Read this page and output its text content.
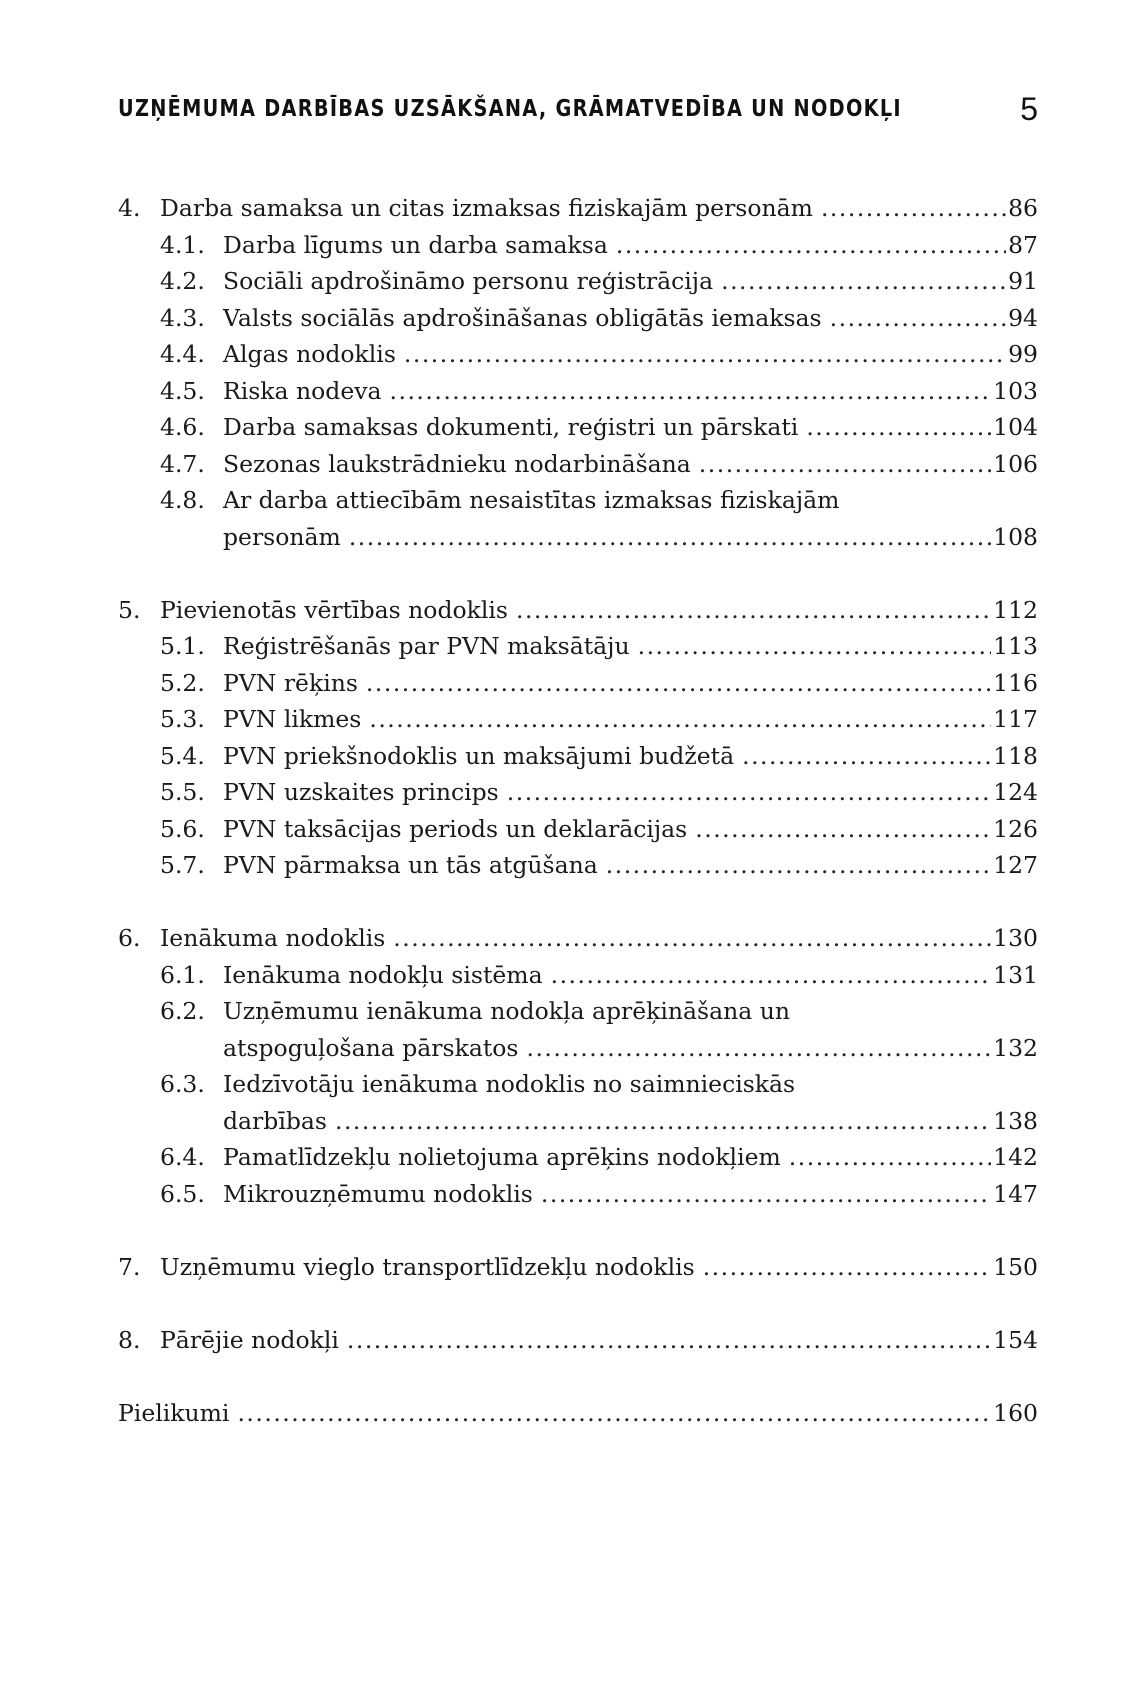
UZŅĒMUMA DARBĪBAS UZSĀKŠANA, GRĀMATVEDĪBA UN NODOKĻI	5
4. Darba samaksa un citas izmaksas fiziskajām personām .....	86
4.1. Darba līgums un darba samaksa .....	87
4.2. Sociāli apdrošināmo personu reģistrācija .....	91
4.3. Valsts sociālās apdrošināšanas obligātās iemaksas .....	94
4.4. Algas nodoklis .....	99
4.5. Riska nodeva .....	103
4.6. Darba samaksas dokumenti, reģistri un pārskati .....	104
4.7. Sezonas laukstrādnieku nodarbināšana .....	106
4.8. Ar darba attiecībām nesaistītas izmaksas fiziskajām
personām .....	108
5. Pievienotās vērtības nodoklis .....	112
5.1. Reģistrēšanās par PVN maksātāju .....	113
5.2. PVN rēķins .....	116
5.3. PVN likmes .....	117
5.4. PVN priekšnodoklis un maksājumi budžetā .....	118
5.5. PVN uzskaites princips .....	124
5.6. PVN taksācijas periods un deklarācijas .....	126
5.7. PVN pārmaksa un tās atgūšana .....	127
6. Ienākuma nodoklis .....	130
6.1. Ienākuma nodokļu sistēma .....	131
6.2. Uzņēmumu ienākuma nodokļa aprēķināšana un
atspoguļošana pārskatos .....	132
6.3. Iedzīvotāju ienākuma nodoklis no saimnieciskās
darbības .....	138
6.4. Pamatlīdzekļu nolietojuma aprēķins nodokļiem .....	142
6.5. Mikrouzņēmumu nodoklis .....	147
7. Uzņēmumu vieglo transportlīdzekļu nodoklis .....	150
8. Pārējie nodokļi .....	154
Pielikumi .....	160
